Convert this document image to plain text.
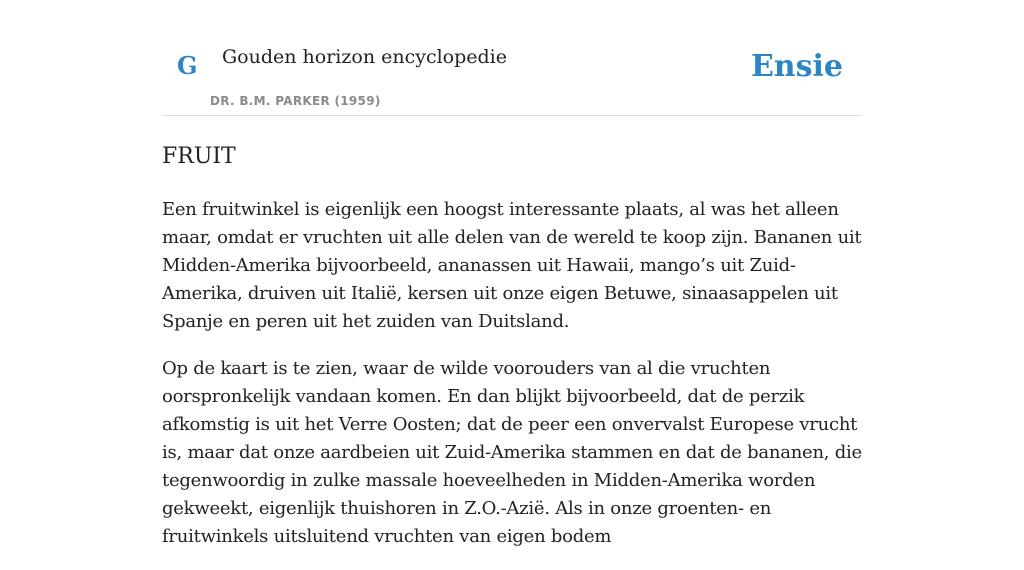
G Gouden horizon encyclopedie
DR. B.M. PARKER (1959)
Ensie
FRUIT

Een fruitwinkel is eigenlijk een hoogst interessante plaats, al was het alleen maar, omdat er vruchten uit alle delen van de wereld te koop zijn. Bananen uit Midden-Amerika bijvoorbeeld, ananassen uit Hawaii, mango’s uit Zuid-Amerika, druiven uit Italië, kersen uit onze eigen Betuwe, sinaasappelen uit Spanje en peren uit het zuiden van Duitsland.

Op de kaart is te zien, waar de wilde voorouders van al die vruchten oorspronkelijk vandaan komen. En dan blijkt bijvoorbeeld, dat de perzik afkomstig is uit het Verre Oosten; dat de peer een onvervalst Europese vrucht is, maar dat onze aardbeien uit Zuid-Amerika stammen en dat de bananen, die tegenwoordig in zulke massale hoeveelheden in Midden-Amerika worden gekweekt, eigenlijk thuishoren in Z.O.-Azië. Als in onze groenten- en fruitwinkels uitsluitend vruchten van eigen bodem
